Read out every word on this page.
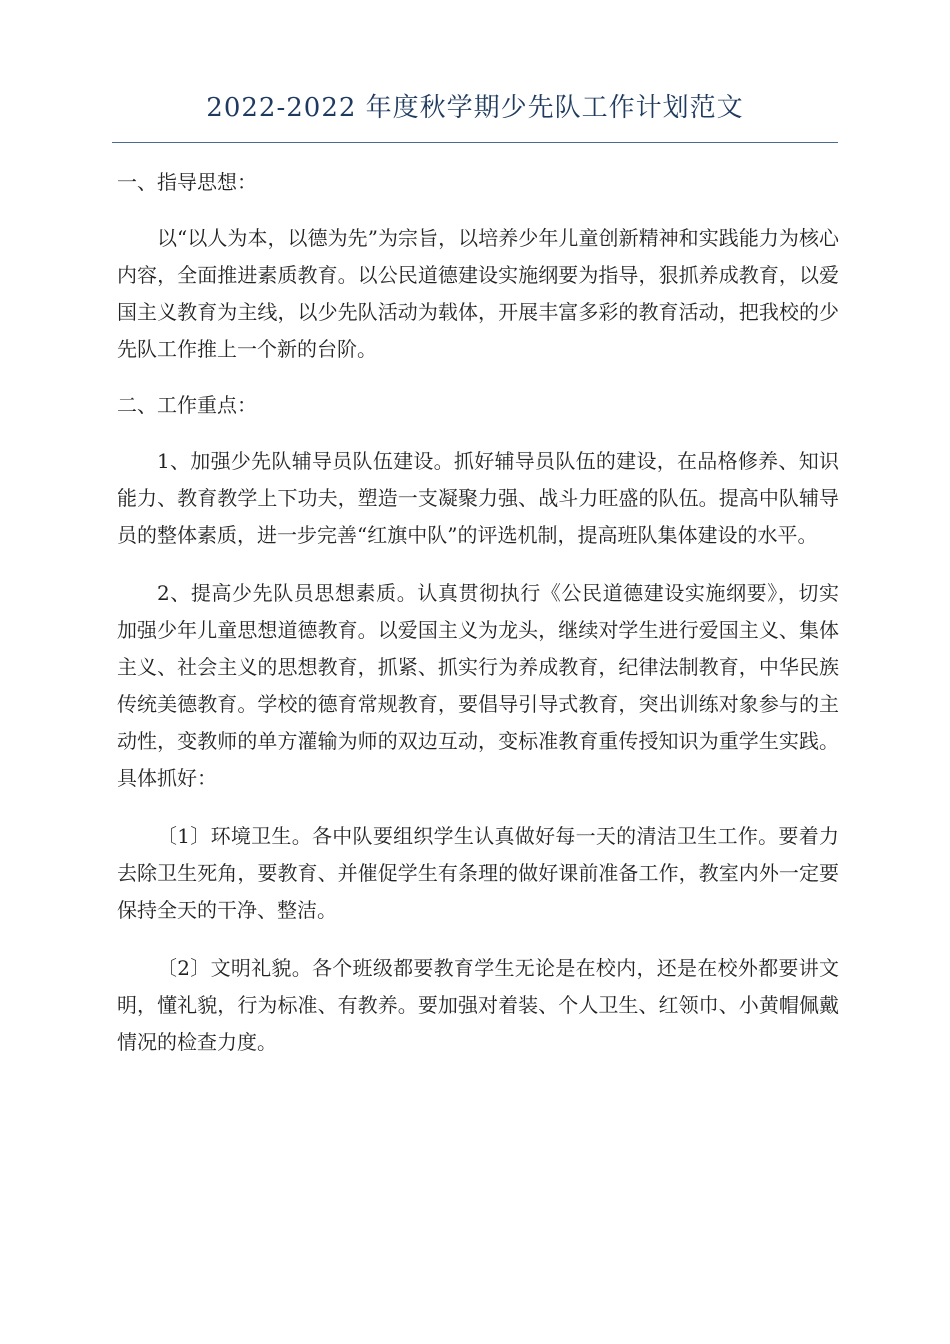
2022-2022 年度秋学期少先队工作计划范文
一、指导思想：

以“以人为本，以德为先”为宗旨，以培养少年儿童创新精神和实践能力为核心内容，全面推进素质教育。以公民道德建设实施纲要为指导，狠抓养成教育，以爱国主义教育为主线，以少先队活动为载体，开展丰富多彩的教育活动，把我校的少先队工作推上一个新的台阶。

二、工作重点：

1、加强少先队辅导员队伍建设。抓好辅导员队伍的建设，在品格修养、知识能力、教育教学上下功夫，塑造一支凝聚力强、战斗力旺盛的队伍。提高中队辅导员的整体素质，进一步完善“红旗中队”的评选机制，提高班队集体建设的水平。

2、提高少先队员思想素质。认真贯彻执行《公民道德建设实施纲要》，切实加强少年儿童思想道德教育。以爱国主义为龙头，继续对学生进行爱国主义、集体主义、社会主义的思想教育，抓紧、抓实行为养成教育，纪律法制教育，中华民族传统美德教育。学校的德育常规教育，要倡导引导式教育，突出训练对象参与的主动性，变教师的单方灌输为师的双边互动，变标准教育重传授知识为重学生实践。具体抓好：

〔1〕环境卫生。各中队要组织学生认真做好每一天的清洁卫生工作。要着力去除卫生死角，要教育、并催促学生有条理的做好课前准备工作，教室内外一定要保持全天的干净、整洁。

〔2〕文明礼貌。各个班级都要教育学生无论是在校内，还是在校外都要讲文明，懂礼貌，行为标准、有教养。要加强对着装、个人卫生、红领巾、小黄帽佩戴情况的检查力度。
